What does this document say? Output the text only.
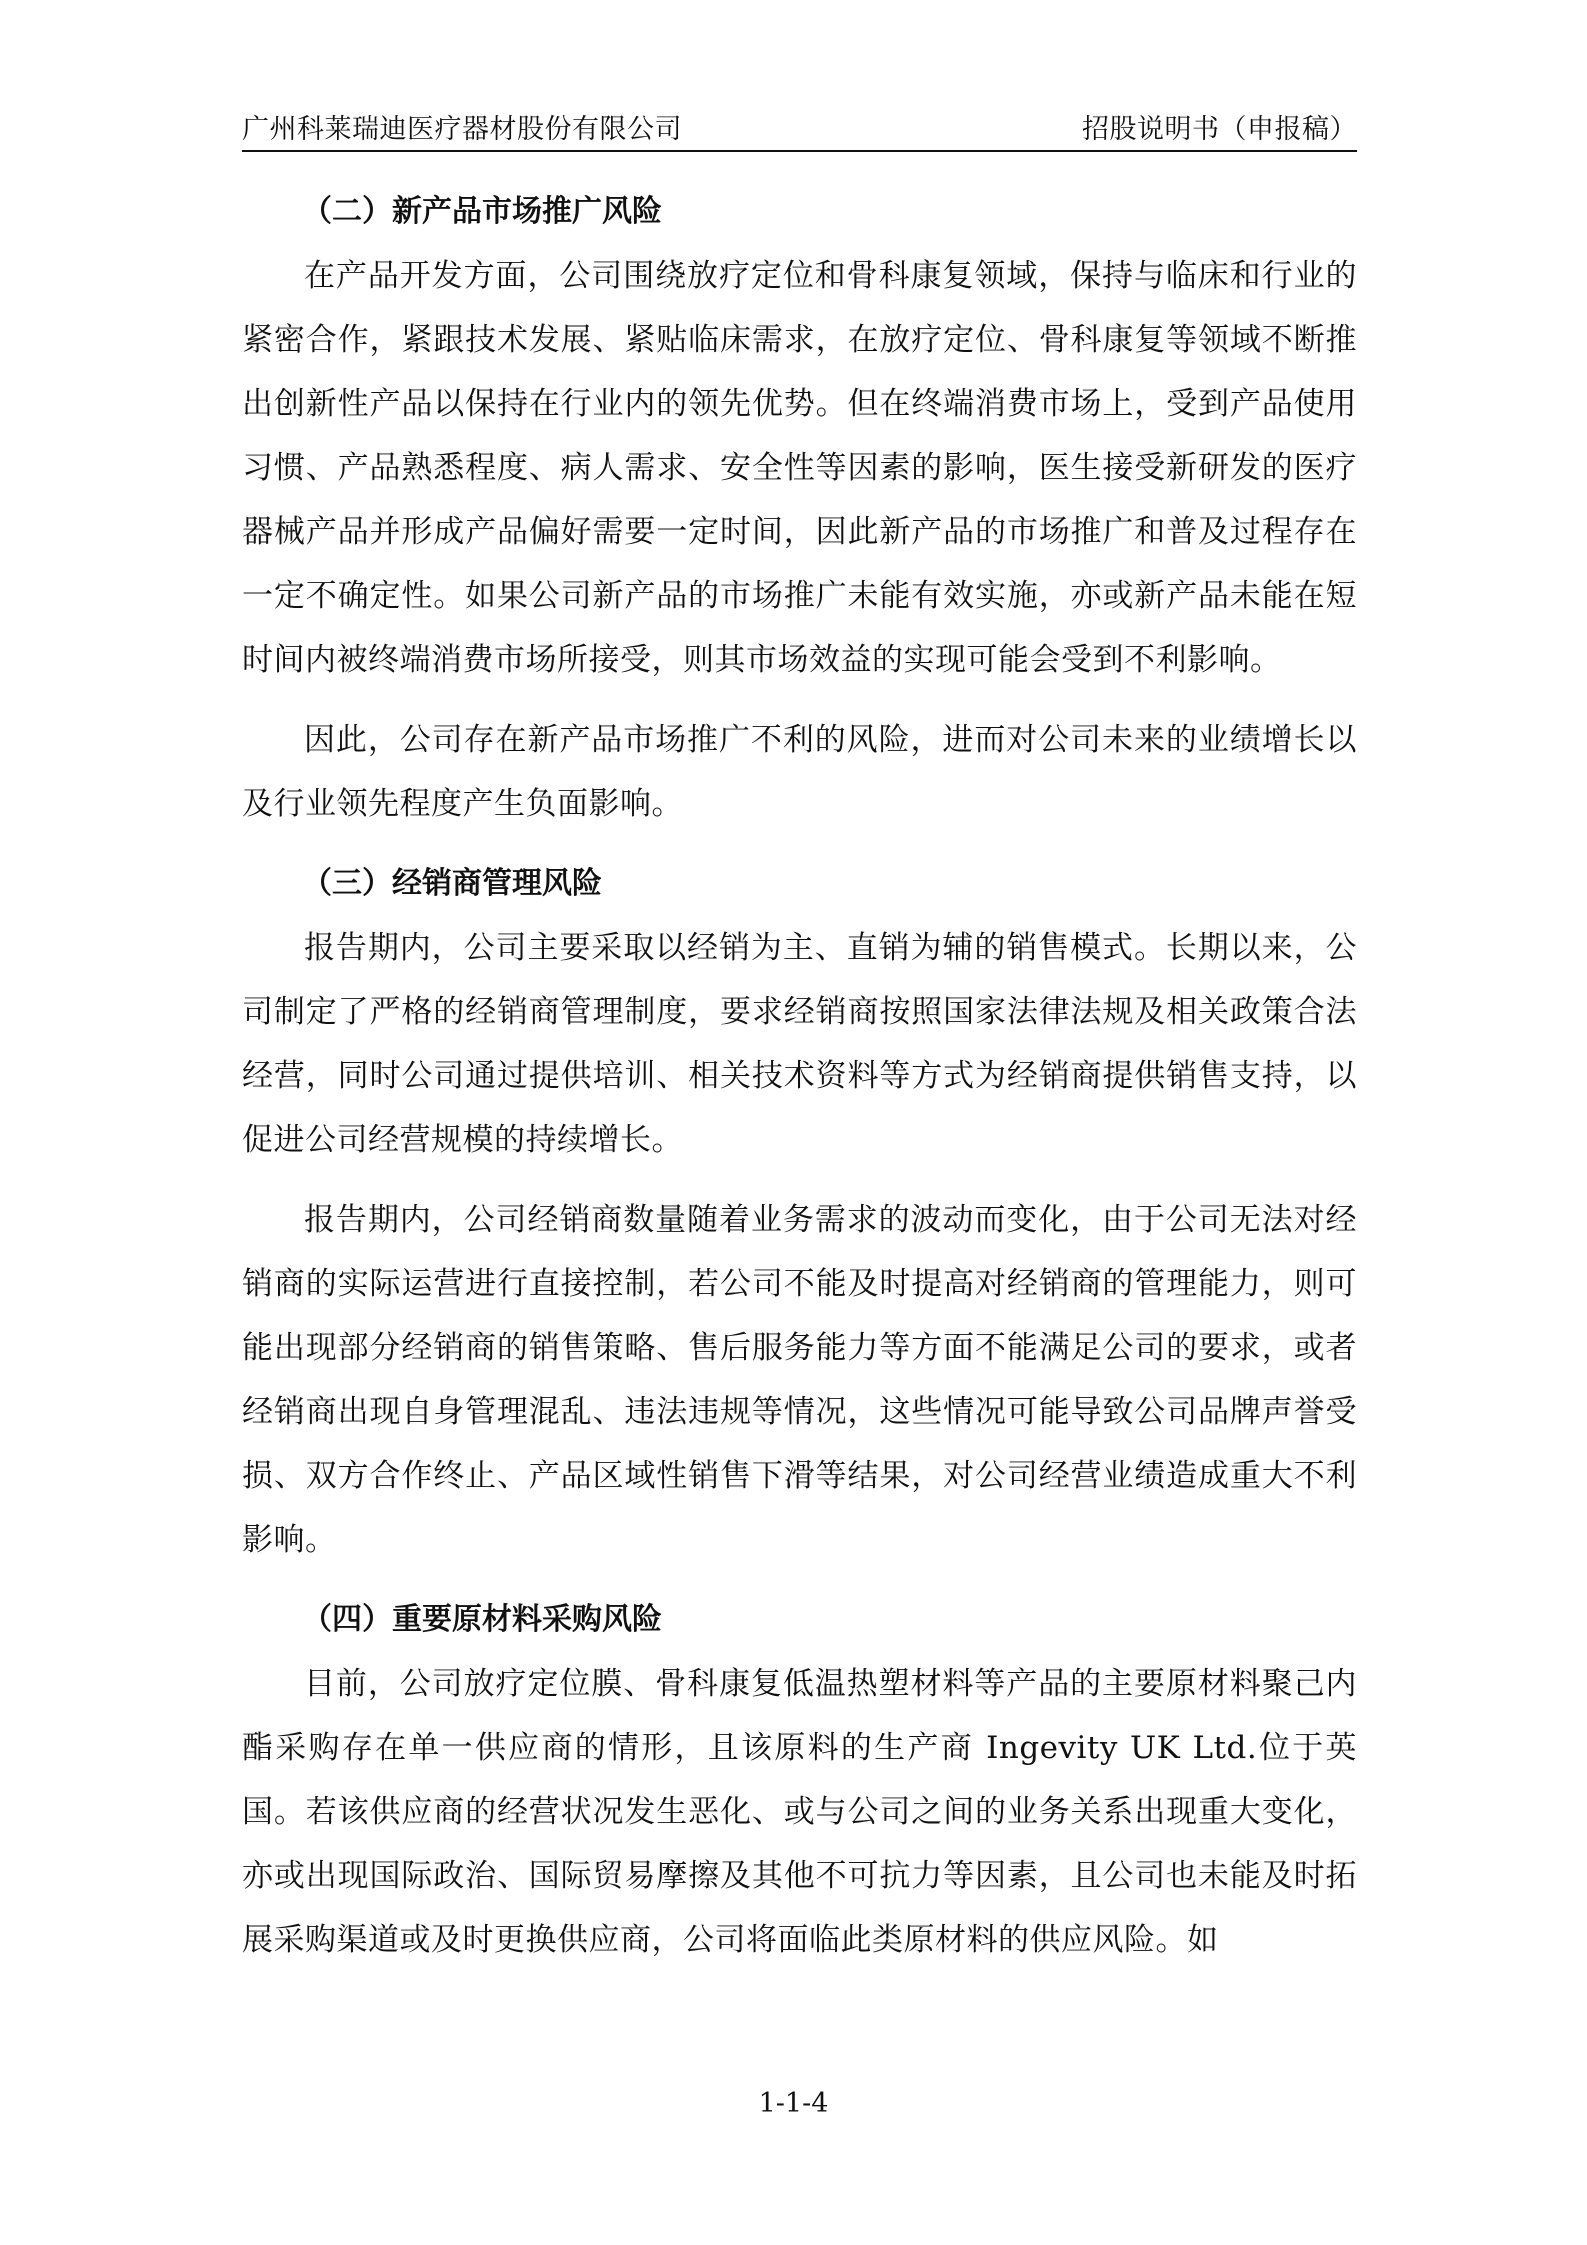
广州科莱瑞迪医疗器材股份有限公司	招股说明书（申报稿）
（二）新产品市场推广风险

在产品开发方面，公司围绕放疗定位和骨科康复领域，保持与临床和行业的紧密合作，紧跟技术发展、紧贴临床需求，在放疗定位、骨科康复等领域不断推出创新性产品以保持在行业内的领先优势。但在终端消费市场上，受到产品使用习惯、产品熟悉程度、病人需求、安全性等因素的影响，医生接受新研发的医疗器械产品并形成产品偏好需要一定时间，因此新产品的市场推广和普及过程存在一定不确定性。如果公司新产品的市场推广未能有效实施，亦或新产品未能在短时间内被终端消费市场所接受，则其市场效益的实现可能会受到不利影响。

因此，公司存在新产品市场推广不利的风险，进而对公司未来的业绩增长以及行业领先程度产生负面影响。

（三）经销商管理风险

报告期内，公司主要采取以经销为主、直销为辅的销售模式。长期以来，公司制定了严格的经销商管理制度，要求经销商按照国家法律法规及相关政策合法经营，同时公司通过提供培训、相关技术资料等方式为经销商提供销售支持，以促进公司经营规模的持续增长。

报告期内，公司经销商数量随着业务需求的波动而变化，由于公司无法对经销商的实际运营进行直接控制，若公司不能及时提高对经销商的管理能力，则可能出现部分经销商的销售策略、售后服务能力等方面不能满足公司的要求，或者经销商出现自身管理混乱、违法违规等情况，这些情况可能导致公司品牌声誉受损、双方合作终止、产品区域性销售下滑等结果，对公司经营业绩造成重大不利影响。

（四）重要原材料采购风险

目前，公司放疗定位膜、骨科康复低温热塑材料等产品的主要原材料聚己内酯采购存在单一供应商的情形，且该原料的生产商 Ingevity UK Ltd.位于英国。若该供应商的经营状况发生恶化、或与公司之间的业务关系出现重大变化，亦或出现国际政治、国际贸易摩擦及其他不可抗力等因素，且公司也未能及时拓展采购渠道或及时更换供应商，公司将面临此类原材料的供应风险。如

1-1-4
